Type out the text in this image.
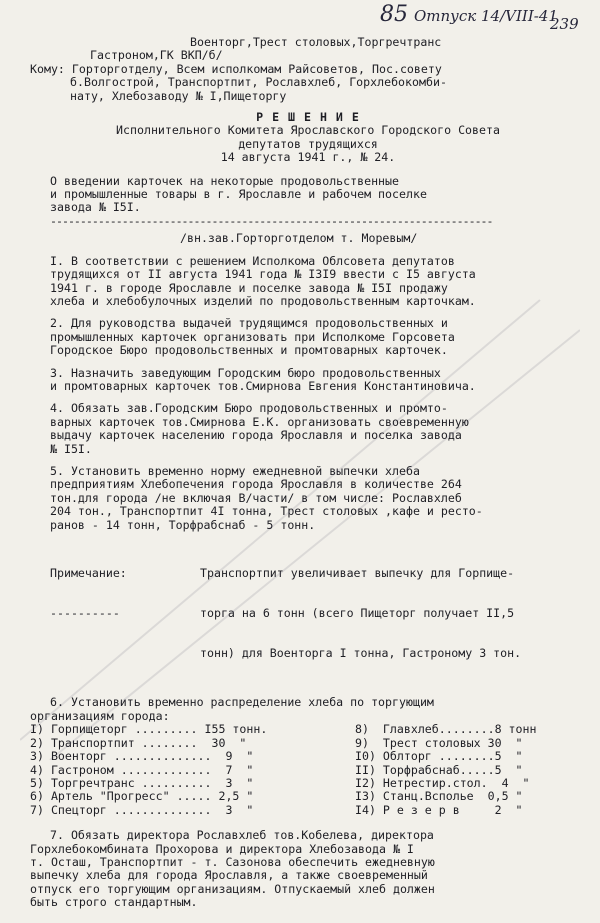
85 Отпуск 14/VIII-41
239
Военторг,Трест столовых,Торгречтранс
Гастроном,ГК ВКП/б/
Кому: Горторготделу, Всем исполкомам Райсоветов, Пос.совету
б.Волгострой, Транспортпит, Рославхлеб, Горхлебокомби-
нату, Хлебозаводу № I,Пищеторгу
Р Е Ш Е Н И Е
Исполнительного Комитета Ярославского Городского Совета
депутатов трудящихся
14 августа 1941 г., № 24.
О введении карточек на некоторые продовольственные
и промышленные товары в г. Ярославле и рабочем поселке
завода № I5I.
--------------------------------------------------------------------------
/вн.зав.Горторготделом т. Моревым/
I. В соответствии с решением Исполкома Облсовета депутатов
трудящихся от II августа 1941 года № I3I9 ввести с I5 августа
1941 г. в городе Ярославле и поселке завода № I5I продажу
хлеба и хлебобулочных изделий по продовольственным карточкам.
2. Для руководства выдачей трудящимся продовольственных и
промышленных карточек организовать при Исполкоме Горсовета
Городское Бюро продовольственных и промтоварных карточек.
3. Назначить заведующим Городским бюро продовольственных
и промтоварных карточек тов.Смирнова Евгения Константиновича.
4. Обязать зав.Городским Бюро продовольственных и промто-
варных карточек тов.Смирнова Е.К. организовать своевременную
выдачу карточек населению города Ярославля и поселка завода
№ I5I.
5. Установить временно норму ежедневной выпечки хлеба
предприятиям Хлебопечения города Ярославля в количестве 264
тон.для города /не включая В/части/ в том числе: Рославхлеб
204 тон., Транспортпит 4I тонна, Трест столовых ,кафе и ресто-
ранов - 14 тонн, Торфрабснаб - 5 тонн.

Примечание:

----------

Транспортпит увеличивает выпечку для Горпище-

торга на 6 тонн (всего Пищеторг получает II,5

тонн) для Военторга I тонна, Гастроному 3 тон.

6. Установить временно распределение хлеба по торгующим
организациям города:
I) Горпищеторг ......... I55 тонн.	8)  Главхлеб........8 тонн
2) Транспортпит ........  30  "	9)  Трест столовых 30  "
3) Военторг ..............  9  "	I0) Облторг ........5  "
4) Гастроном .............  7  "	II) Торфрабснаб.....5  "
5) Торгречтранс ..........  3  "	I2) Нетрестир.стол.  4  "
6) Артель "Прогресс" ..... 2,5 "	I3) Станц.Всполье  0,5 "
7) Спецторг ..............  3  "	I4) Р е з е р в     2  "
7. Обязать директора Рославхлеб тов.Кобелева, директора
Горхлебокомбината Прохорова и директора Хлебозавода № I
т. Осташ, Транспортпит - т. Сазонова обеспечить ежедневную
выпечку хлеба для города Ярославля, а также своевременный
отпуск его торгующим организациям. Отпускаемый хлеб должен
быть строго стандартным.
